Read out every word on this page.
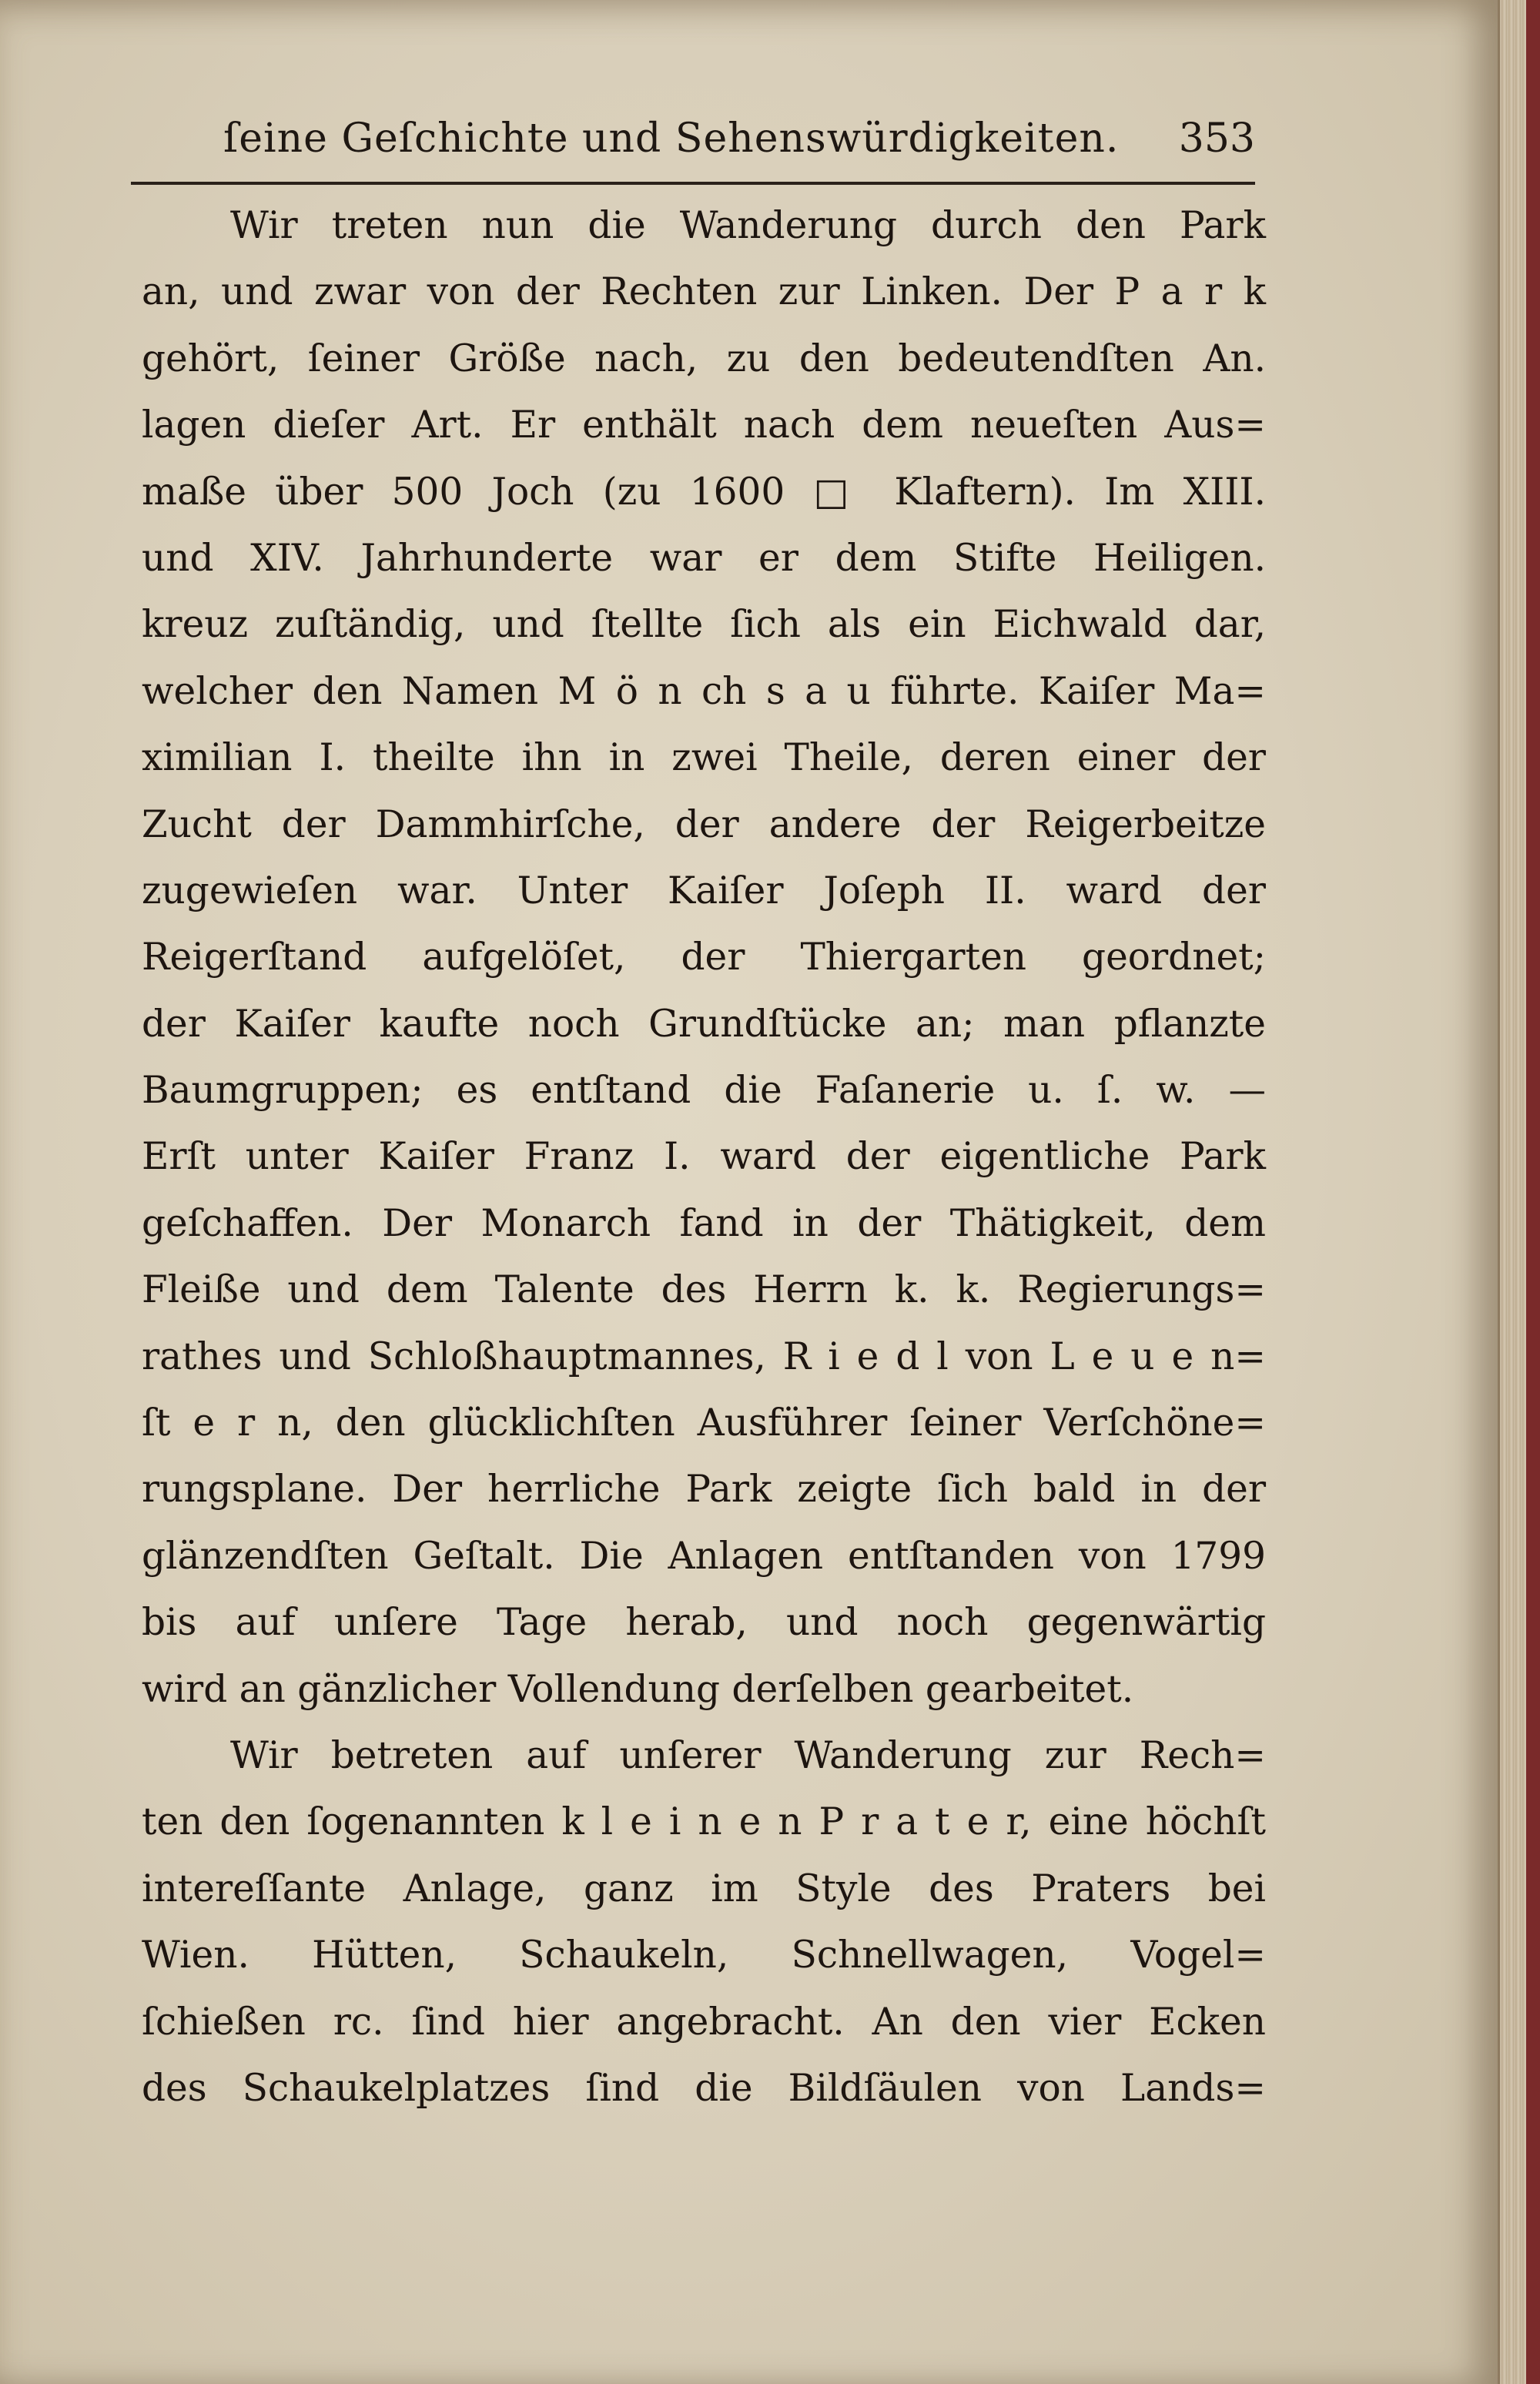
ſeine Geſchichte und Sehenswürdigkeiten. 353
Wir treten nun die Wanderung durch den Park
an, und zwar von der Rechten zur Linken. Der P a r k
gehört, ſeiner Größe nach, zu den bedeutendſten An.
lagen dieſer Art. Er enthält nach dem neueſten Aus=
maße über 500 Joch (zu 1600 □ Klaftern). Im XIII.
und XIV. Jahrhunderte war er dem Stifte Heiligen.
kreuz zuſtändig, und ſtellte ſich als ein Eichwald dar,
welcher den Namen M ö n ch s a u führte. Kaiſer Ma=
ximilian I. theilte ihn in zwei Theile, deren einer der
Zucht der Dammhirſche, der andere der Reigerbeitze
zugewieſen war. Unter Kaiſer Joſeph II. ward der
Reigerſtand aufgelöſet, der Thiergarten geordnet;
der Kaiſer kaufte noch Grundſtücke an; man pflanzte
Baumgruppen; es entſtand die Faſanerie u. ſ. w. —
Erſt unter Kaiſer Franz I. ward der eigentliche Park
geſchaffen. Der Monarch fand in der Thätigkeit, dem
Fleiße und dem Talente des Herrn k. k. Regierungs=
rathes und Schloßhauptmannes, R i e d l von L e u e n=
ſt e r n, den glücklichſten Ausführer ſeiner Verſchöne=
rungsplane. Der herrliche Park zeigte ſich bald in der
glänzendſten Geſtalt. Die Anlagen entſtanden von 1799
bis auf unſere Tage herab, und noch gegenwärtig
wird an gänzlicher Vollendung derſelben gearbeitet.
Wir betreten auf unſerer Wanderung zur Rech=
ten den ſogenannten k l e i n e n P r a t e r, eine höchſt
intereſſante Anlage, ganz im Style des Praters bei
Wien. Hütten, Schaukeln, Schnellwagen, Vogel=
ſchießen rc. ſind hier angebracht. An den vier Ecken
des Schaukelplatzes ſind die Bildſäulen von Lands=
